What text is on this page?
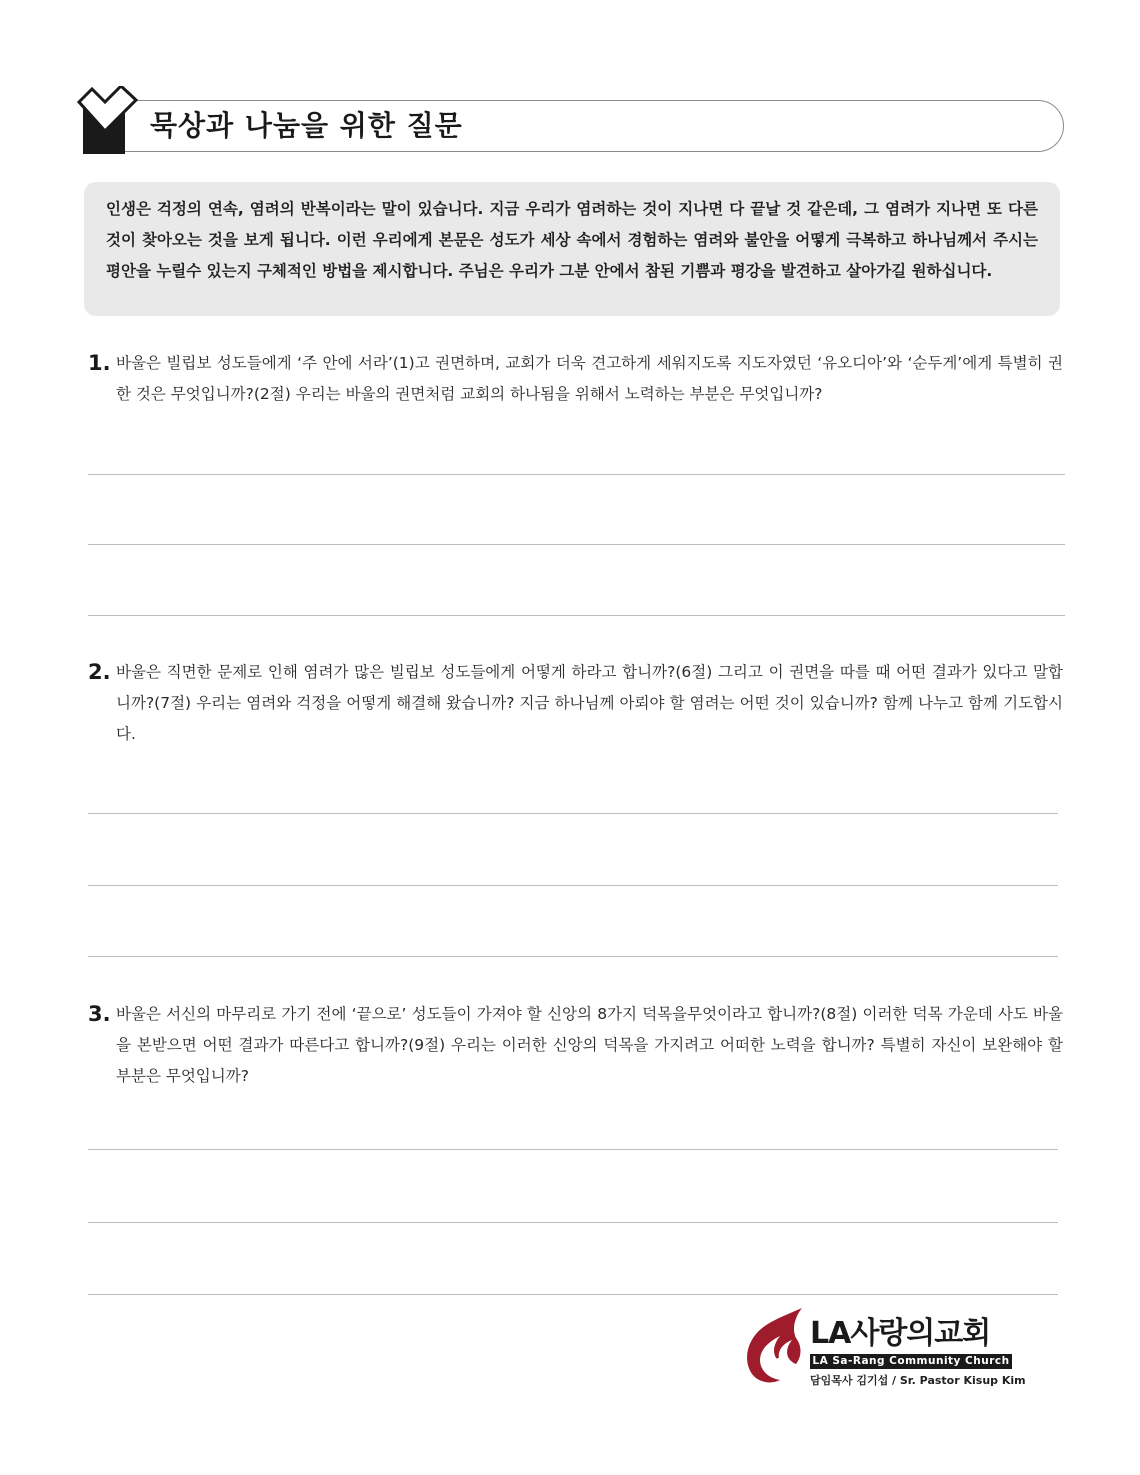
묵상과 나눔을 위한 질문
인생은 걱정의 연속, 염려의 반복이라는 말이 있습니다. 지금 우리가 염려하는 것이 지나면 다 끝날 것 같은데, 그 염려가 지나면 또 다른 것이 찾아오는 것을 보게 됩니다. 이런 우리에게 본문은 성도가 세상 속에서 경험하는 염려와 불안을 어떻게 극복하고 하나님께서 주시는 평안을 누릴수 있는지 구체적인 방법을 제시합니다. 주님은 우리가 그분 안에서 참된 기쁨과 평강을 발견하고 살아가길 원하십니다.
1. 바울은 빌립보 성도들에게 ‘주 안에 서라’(1)고 권면하며, 교회가 더욱 견고하게 세워지도록 지도자였던 ‘유오디아’와 ‘순두게’에게 특별히 권한 것은 무엇입니까?(2절) 우리는 바울의 권면처럼 교회의 하나됨을 위해서 노력하는 부분은 무엇입니까?
2. 바울은 직면한 문제로 인해 염려가 많은 빌립보 성도들에게 어떻게 하라고 합니까?(6절) 그리고 이 권면을 따를 때 어떤 결과가 있다고 말합니까?(7절) 우리는 염려와 걱정을 어떻게 해결해 왔습니까? 지금 하나님께 아뢰야 할 염려는 어떤 것이 있습니까? 함께 나누고 함께 기도합시다.
3. 바울은 서신의 마무리로 가기 전에 ‘끝으로’ 성도들이 가져야 할 신앙의 8가지 덕목을무엇이라고 합니까?(8절) 이러한 덕목 가운데 사도 바울을 본받으면 어떤 결과가 따른다고 합니까?(9절) 우리는 이러한 신앙의 덕목을 가지려고 어떠한 노력을 합니까? 특별히 자신이 보완해야 할 부분은 무엇입니까?
LA사랑의교회
LA Sa-Rang Community Church
담임목사 김기섭 / Sr. Pastor Kisup Kim
